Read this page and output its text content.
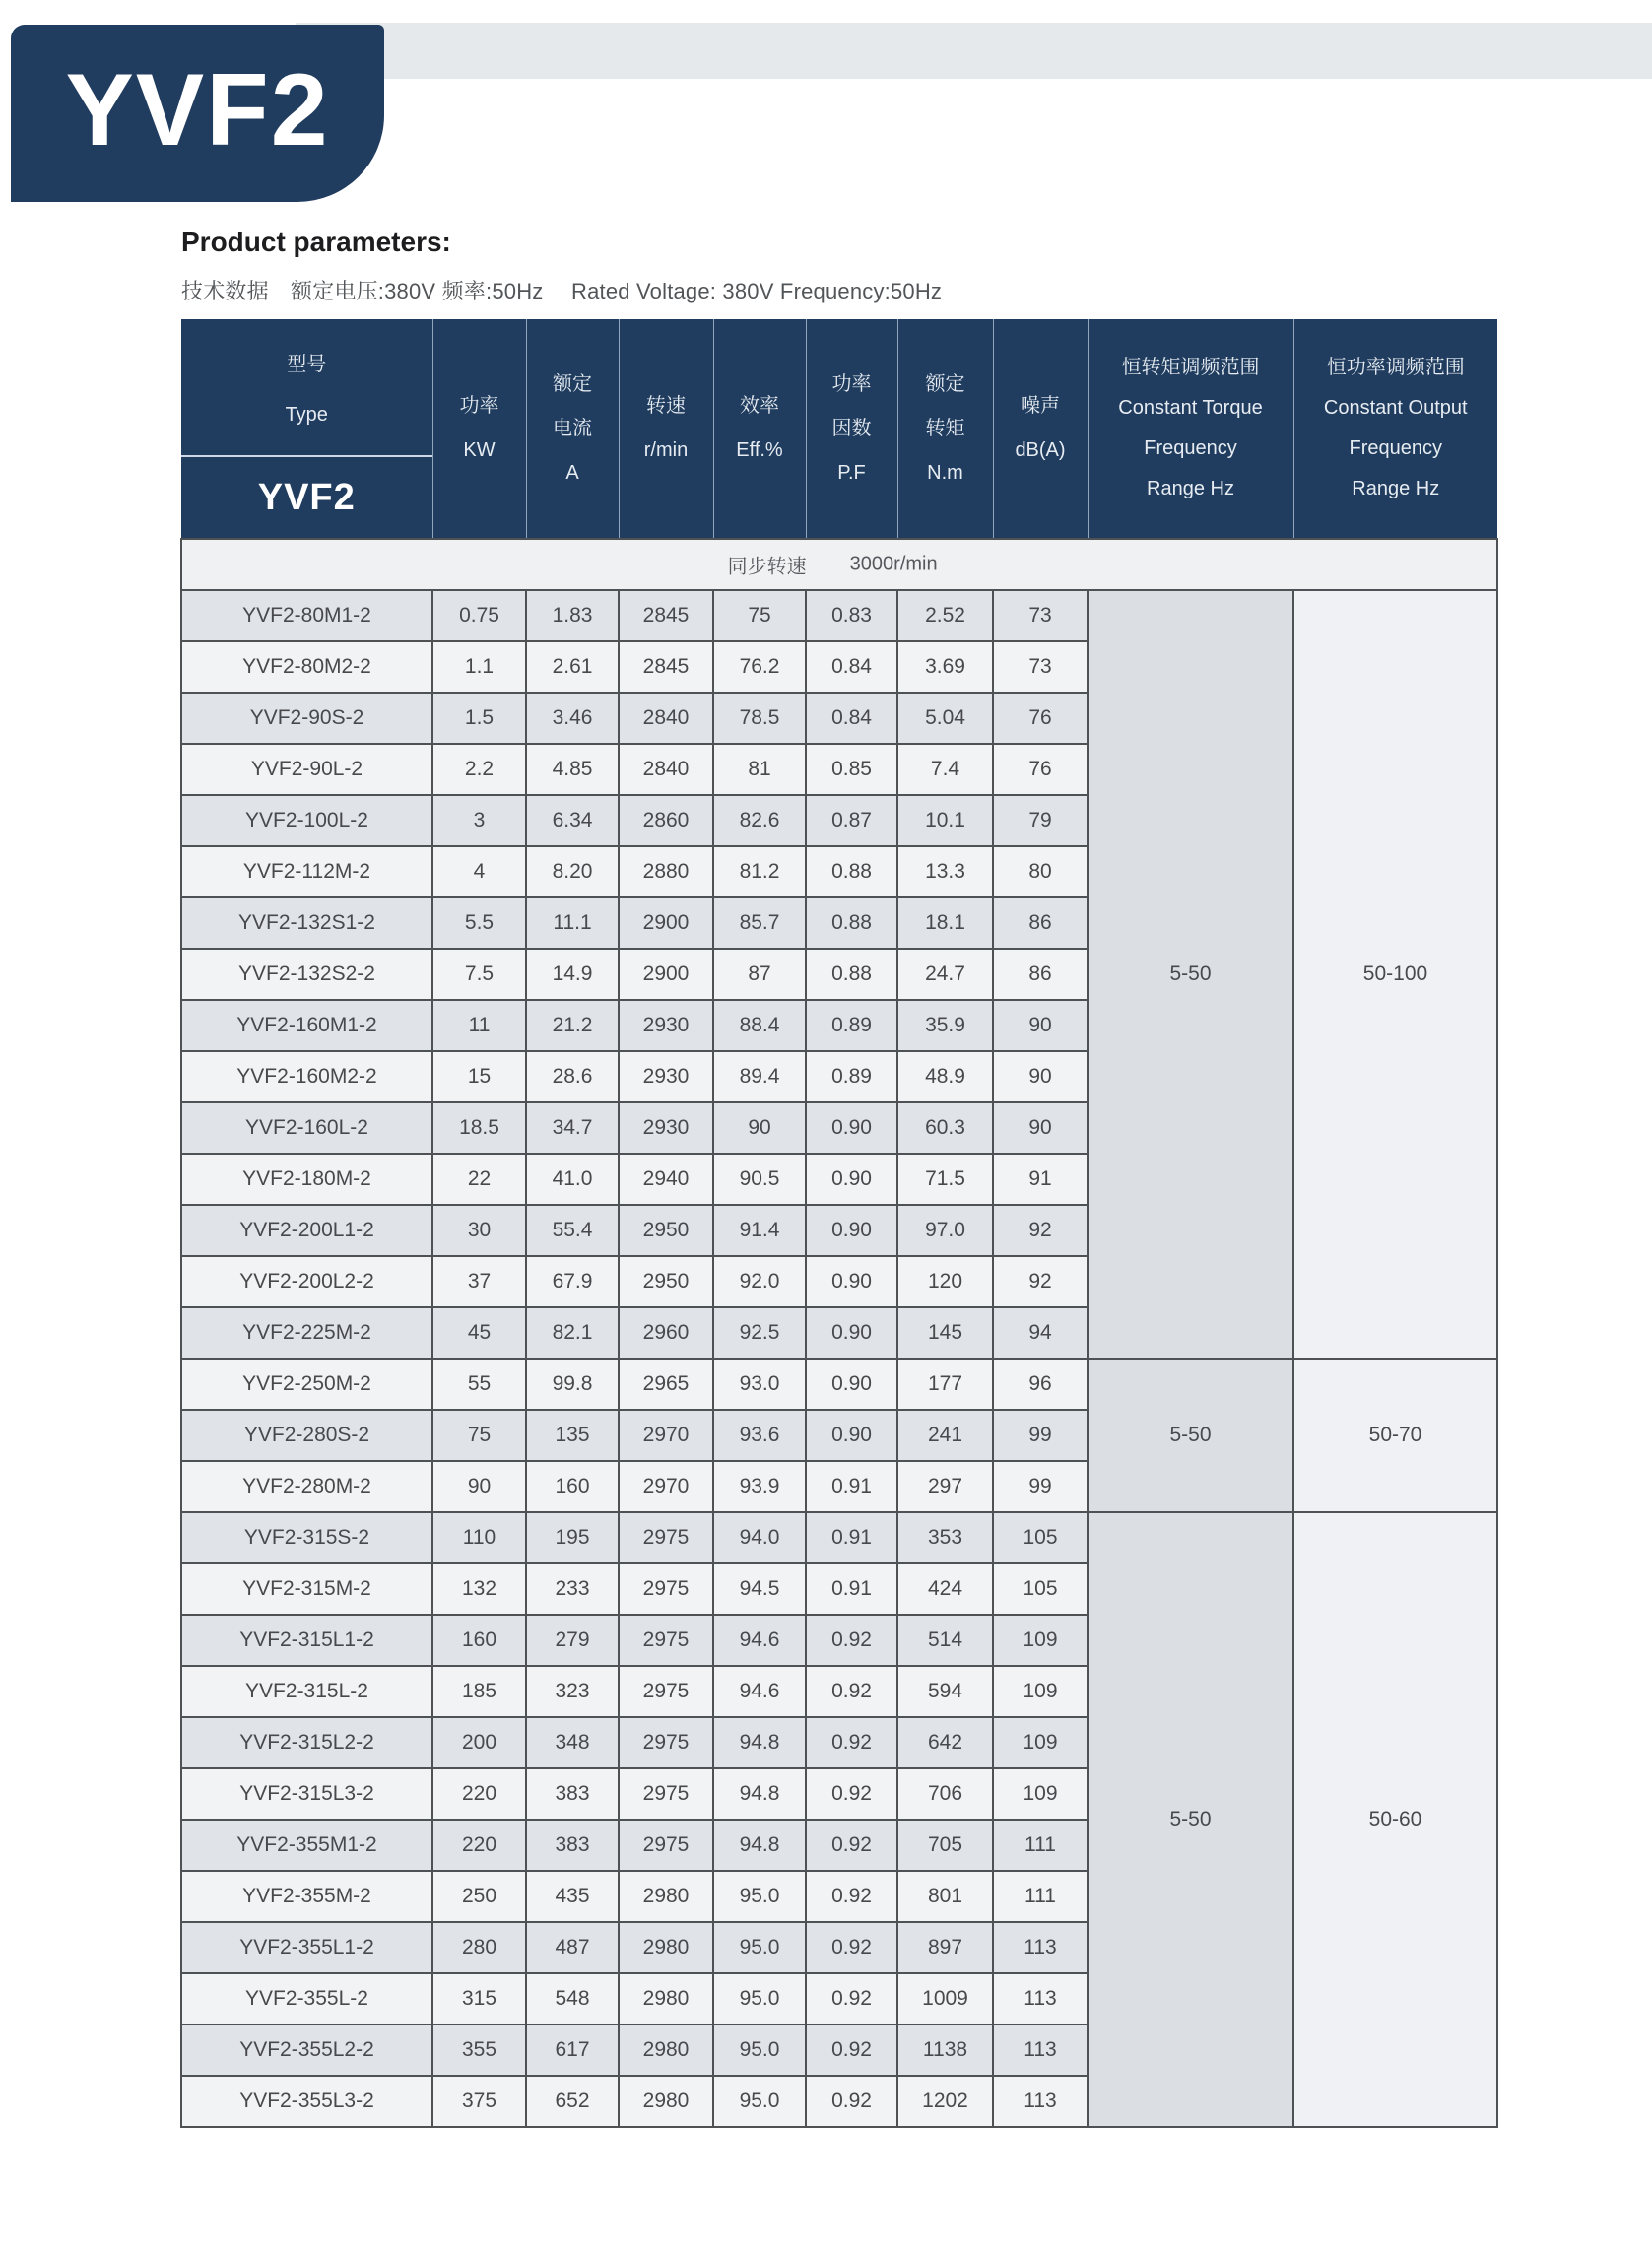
YVF2
Product parameters:
技术数据　额定电压:380V 频率:50Hz　 Rated Voltage: 380V Frequency:50Hz
型号
Type
YVF2

功率
KW

额定
电流
A

转速
r/min

效率
Eff.%

功率
因数
P.F

额定
转矩
N.m

噪声
dB(A)

恒转矩调频范围
Constant Torque
Frequency
Range Hz

恒功率调频范围
Constant Output
Frequency
Range Hz

同步转速 3000r/min									

YVF2-80M1-2	0.75	1.83	2845	75	0.83	2.52	73	5-50	50-100
YVF2-80M2-2	1.1	2.61	2845	76.2	0.84	3.69	73		
YVF2-90S-2	1.5	3.46	2840	78.5	0.84	5.04	76		
YVF2-90L-2	2.2	4.85	2840	81	0.85	7.4	76		
YVF2-100L-2	3	6.34	2860	82.6	0.87	10.1	79		
YVF2-112M-2	4	8.20	2880	81.2	0.88	13.3	80		
YVF2-132S1-2	5.5	11.1	2900	85.7	0.88	18.1	86		
YVF2-132S2-2	7.5	14.9	2900	87	0.88	24.7	86		
YVF2-160M1-2	11	21.2	2930	88.4	0.89	35.9	90		
YVF2-160M2-2	15	28.6	2930	89.4	0.89	48.9	90		
YVF2-160L-2	18.5	34.7	2930	90	0.90	60.3	90		
YVF2-180M-2	22	41.0	2940	90.5	0.90	71.5	91		
YVF2-200L1-2	30	55.4	2950	91.4	0.90	97.0	92		
YVF2-200L2-2	37	67.9	2950	92.0	0.90	120	92		
YVF2-225M-2	45	82.1	2960	92.5	0.90	145	94		
YVF2-250M-2	55	99.8	2965	93.0	0.90	177	96	5-50	50-70
YVF2-280S-2	75	135	2970	93.6	0.90	241	99		
YVF2-280M-2	90	160	2970	93.9	0.91	297	99		
YVF2-315S-2	110	195	2975	94.0	0.91	353	105	5-50	50-60
YVF2-315M-2	132	233	2975	94.5	0.91	424	105		
YVF2-315L1-2	160	279	2975	94.6	0.92	514	109		
YVF2-315L-2	185	323	2975	94.6	0.92	594	109		
YVF2-315L2-2	200	348	2975	94.8	0.92	642	109		
YVF2-315L3-2	220	383	2975	94.8	0.92	706	109		
YVF2-355M1-2	220	383	2975	94.8	0.92	705	111		
YVF2-355M-2	250	435	2980	95.0	0.92	801	111		
YVF2-355L1-2	280	487	2980	95.0	0.92	897	113		
YVF2-355L-2	315	548	2980	95.0	0.92	1009	113		
YVF2-355L2-2	355	617	2980	95.0	0.92	1138	113		
YVF2-355L3-2	375	652	2980	95.0	0.92	1202	113		
